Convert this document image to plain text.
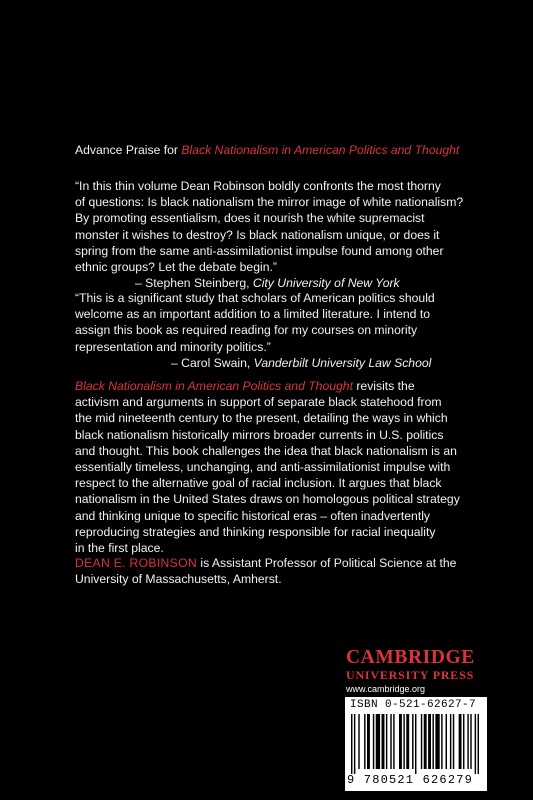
Advance Praise for Black Nationalism in American Politics and Thought
“In this thin volume Dean Robinson boldly confronts the most thorny
of questions: Is black nationalism the mirror image of white nationalism?
By promoting essentialism, does it nourish the white supremacist
monster it wishes to destroy? Is black nationalism unique, or does it
spring from the same anti-assimilationist impulse found among other
ethnic groups? Let the debate begin.”
– Stephen Steinberg, City University of New York
“This is a significant study that scholars of American politics should
welcome as an important addition to a limited literature. I intend to
assign this book as required reading for my courses on minority
representation and minority politics.”
– Carol Swain, Vanderbilt University Law School
Black Nationalism in American Politics and Thought revisits the
activism and arguments in support of separate black statehood from
the mid nineteenth century to the present, detailing the ways in which
black nationalism historically mirrors broader currents in U.S. politics
and thought. This book challenges the idea that black nationalism is an
essentially timeless, unchanging, and anti-assimilationist impulse with
respect to the alternative goal of racial inclusion. It argues that black
nationalism in the United States draws on homologous political strategy
and thinking unique to specific historical eras – often inadvertently
reproducing strategies and thinking responsible for racial inequality
in the first place.
DEAN E. ROBINSON is Assistant Professor of Political Science at the
University of Massachusetts, Amherst.
CAMBRIDGE
UNIVERSITY PRESS
www.cambridge.org
ISBN 0-521-62627-7
9 780521 626279
